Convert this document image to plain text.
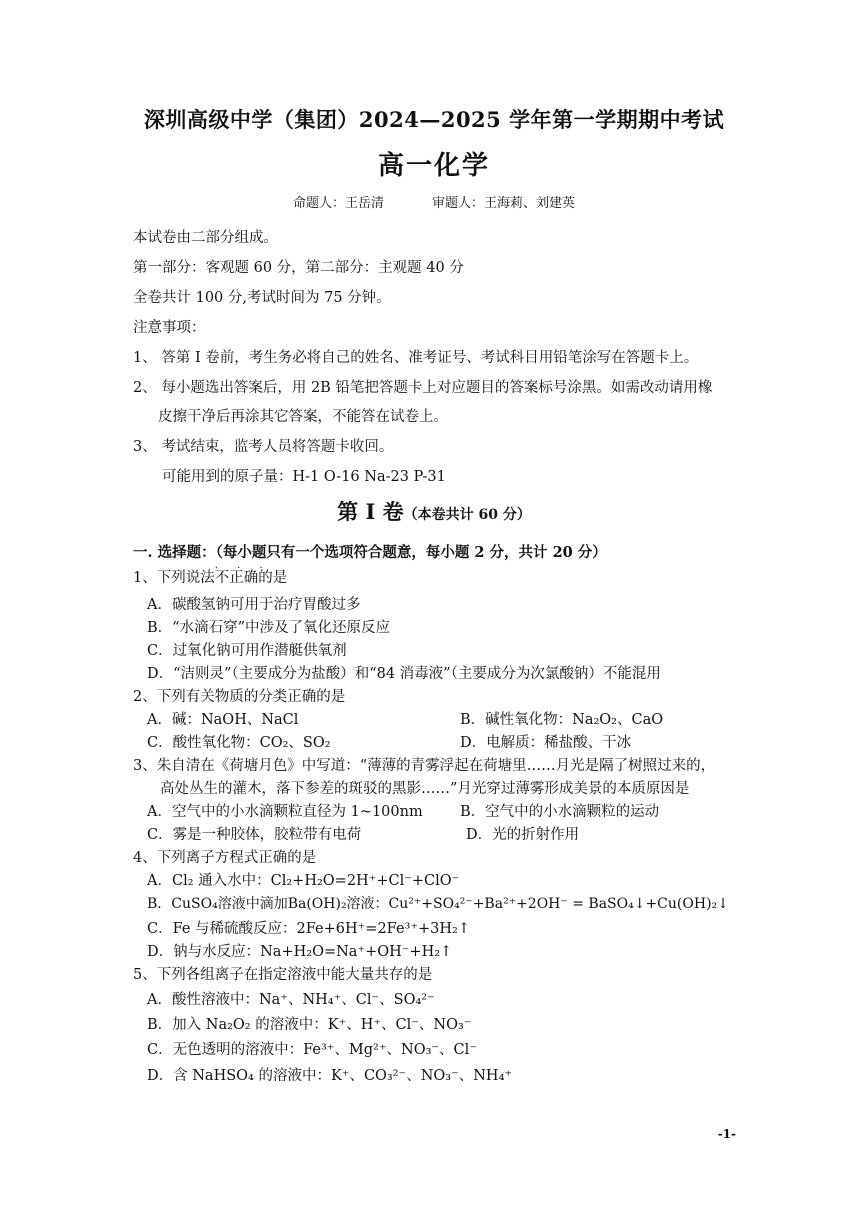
深圳高级中学（集团）2024—2025 学年第一学期期中考试
高一化学
命题人：王岳清	审题人：王海莉、刘建英
本试卷由二部分组成。
第一部分：客观题 60 分，第二部分：主观题 40 分
全卷共计 100 分,考试时间为 75 分钟。
注意事项：
1、 答第 I 卷前，考生务必将自己的姓名、准考证号、考试科目用铅笔涂写在答题卡上。
2、 每小题选出答案后，用 2B 铅笔把答题卡上对应题目的答案标号涂黑。如需改动请用橡
皮擦干净后再涂其它答案，不能答在试卷上。
3、 考试结束，监考人员将答题卡收回。
可能用到的原子量：H-1 O-16 Na-23 P-31
第 I 卷（本卷共计 60 分）
一. 选择题：（每小题只有一个选项符合题意，每小题 2 分，共计 20 分）
1、下列说法
· · ·
不正确的是
A．碳酸氢钠可用于治疗胃酸过多
B．“水滴石穿”中涉及了氧化还原反应
C．过氧化钠可用作潜艇供氧剂
D．“洁则灵”（主要成分为盐酸）和“84 消毒液”（主要成分为次氯酸钠）不能混用
2、下列有关物质的分类正确的是
A．碱：NaOH、NaCl	B．碱性氧化物：Na₂O₂、CaO
C．酸性氧化物：CO₂、SO₂	D．电解质：稀盐酸、干冰
3、朱自清在《荷塘月色》中写道：“薄薄的青雾浮起在荷塘里……月光是隔了树照过来的，
高处丛生的灌木，落下参差的斑驳的黑影……”月光穿过薄雾形成美景的本质原因是
A．空气中的小水滴颗粒直径为 1~100nm	B．空气中的小水滴颗粒的运动
C．雾是一种胶体，胶粒带有电荷	D．光的折射作用
4、下列离子方程式正确的是
A．Cl₂ 通入水中：Cl₂+H₂O=2H⁺+Cl⁻+ClO⁻
B．CuSO₄溶液中滴加Ba(OH)₂溶液：Cu²⁺+SO₄²⁻+Ba²⁺+2OH⁻ = BaSO₄↓+Cu(OH)₂↓
C．Fe 与稀硫酸反应：2Fe+6H⁺=2Fe³⁺+3H₂↑
D．钠与水反应：Na+H₂O=Na⁺+OH⁻+H₂↑
5、下列各组离子在指定溶液中能大量共存的是
A．酸性溶液中：Na⁺、NH₄⁺、Cl⁻、SO₄²⁻
B．加入 Na₂O₂ 的溶液中：K⁺、H⁺、Cl⁻、NO₃⁻
C．无色透明的溶液中：Fe³⁺、Mg²⁺、NO₃⁻、Cl⁻
D．含 NaHSO₄ 的溶液中：K⁺、CO₃²⁻、NO₃⁻、NH₄⁺
-1-
